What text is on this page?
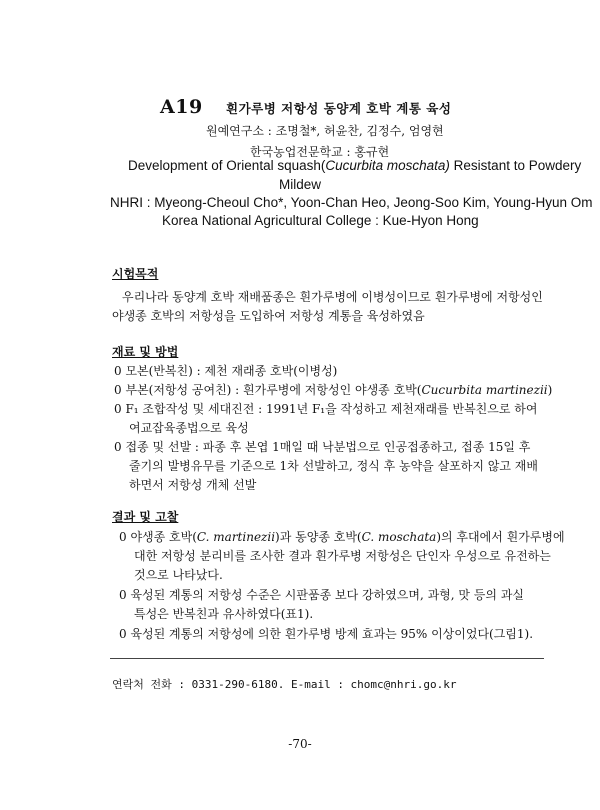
A19 흰가루병 저항성 동양계 호박 계통 육성
원예연구소 : 조명철*, 허윤찬, 김정수, 엄영현
한국농업전문학교 : 홍규현
Development of Oriental squash(Cucurbita moschata) Resistant to Powdery
Mildew
NHRI : Myeong-Cheoul Cho*, Yoon-Chan Heo, Jeong-Soo Kim, Young-Hyun Om
Korea National Agricultural College : Kue-Hyon Hong
시험목적
우리나라 동양계 호박 재배품종은 흰가루병에 이병성이므로 흰가루병에 저항성인
야생종 호박의 저항성을 도입하여 저항성 계통을 육성하였음
재료 및 방법
0 모본(반복친) : 제천 재래종 호박(이병성)
0 부본(저항성 공여친) : 흰가루병에 저항성인 야생종 호박(Cucurbita martinezii)
0 F₁ 조합작성 및 세대진전 : 1991년 F₁을 작성하고 제천재래를 반복친으로 하여
여교잡육종법으로 육성
0 접종 및 선발 : 파종 후 본엽 1매일 때 낙분법으로 인공접종하고, 접종 15일 후
줄기의 발병유무를 기준으로 1차 선발하고, 정식 후 농약을 살포하지 않고 재배
하면서 저항성 개체 선발
결과 및 고찰
0 야생종 호박(C. martinezii)과 동양종 호박(C. moschata)의 후대에서 흰가루병에
대한 저항성 분리비를 조사한 결과 흰가루병 저항성은 단인자 우성으로 유전하는
것으로 나타났다.
0 육성된 계통의 저항성 수준은 시판품종 보다 강하였으며, 과형, 맛 등의 과실
특성은 반복친과 유사하였다(표1).
0 육성된 계통의 저항성에 의한 흰가루병 방제 효과는 95% 이상이었다(그림1).
연락처 전화 : 0331-290-6180. E-mail : chomc@nhri.go.kr
-70-
